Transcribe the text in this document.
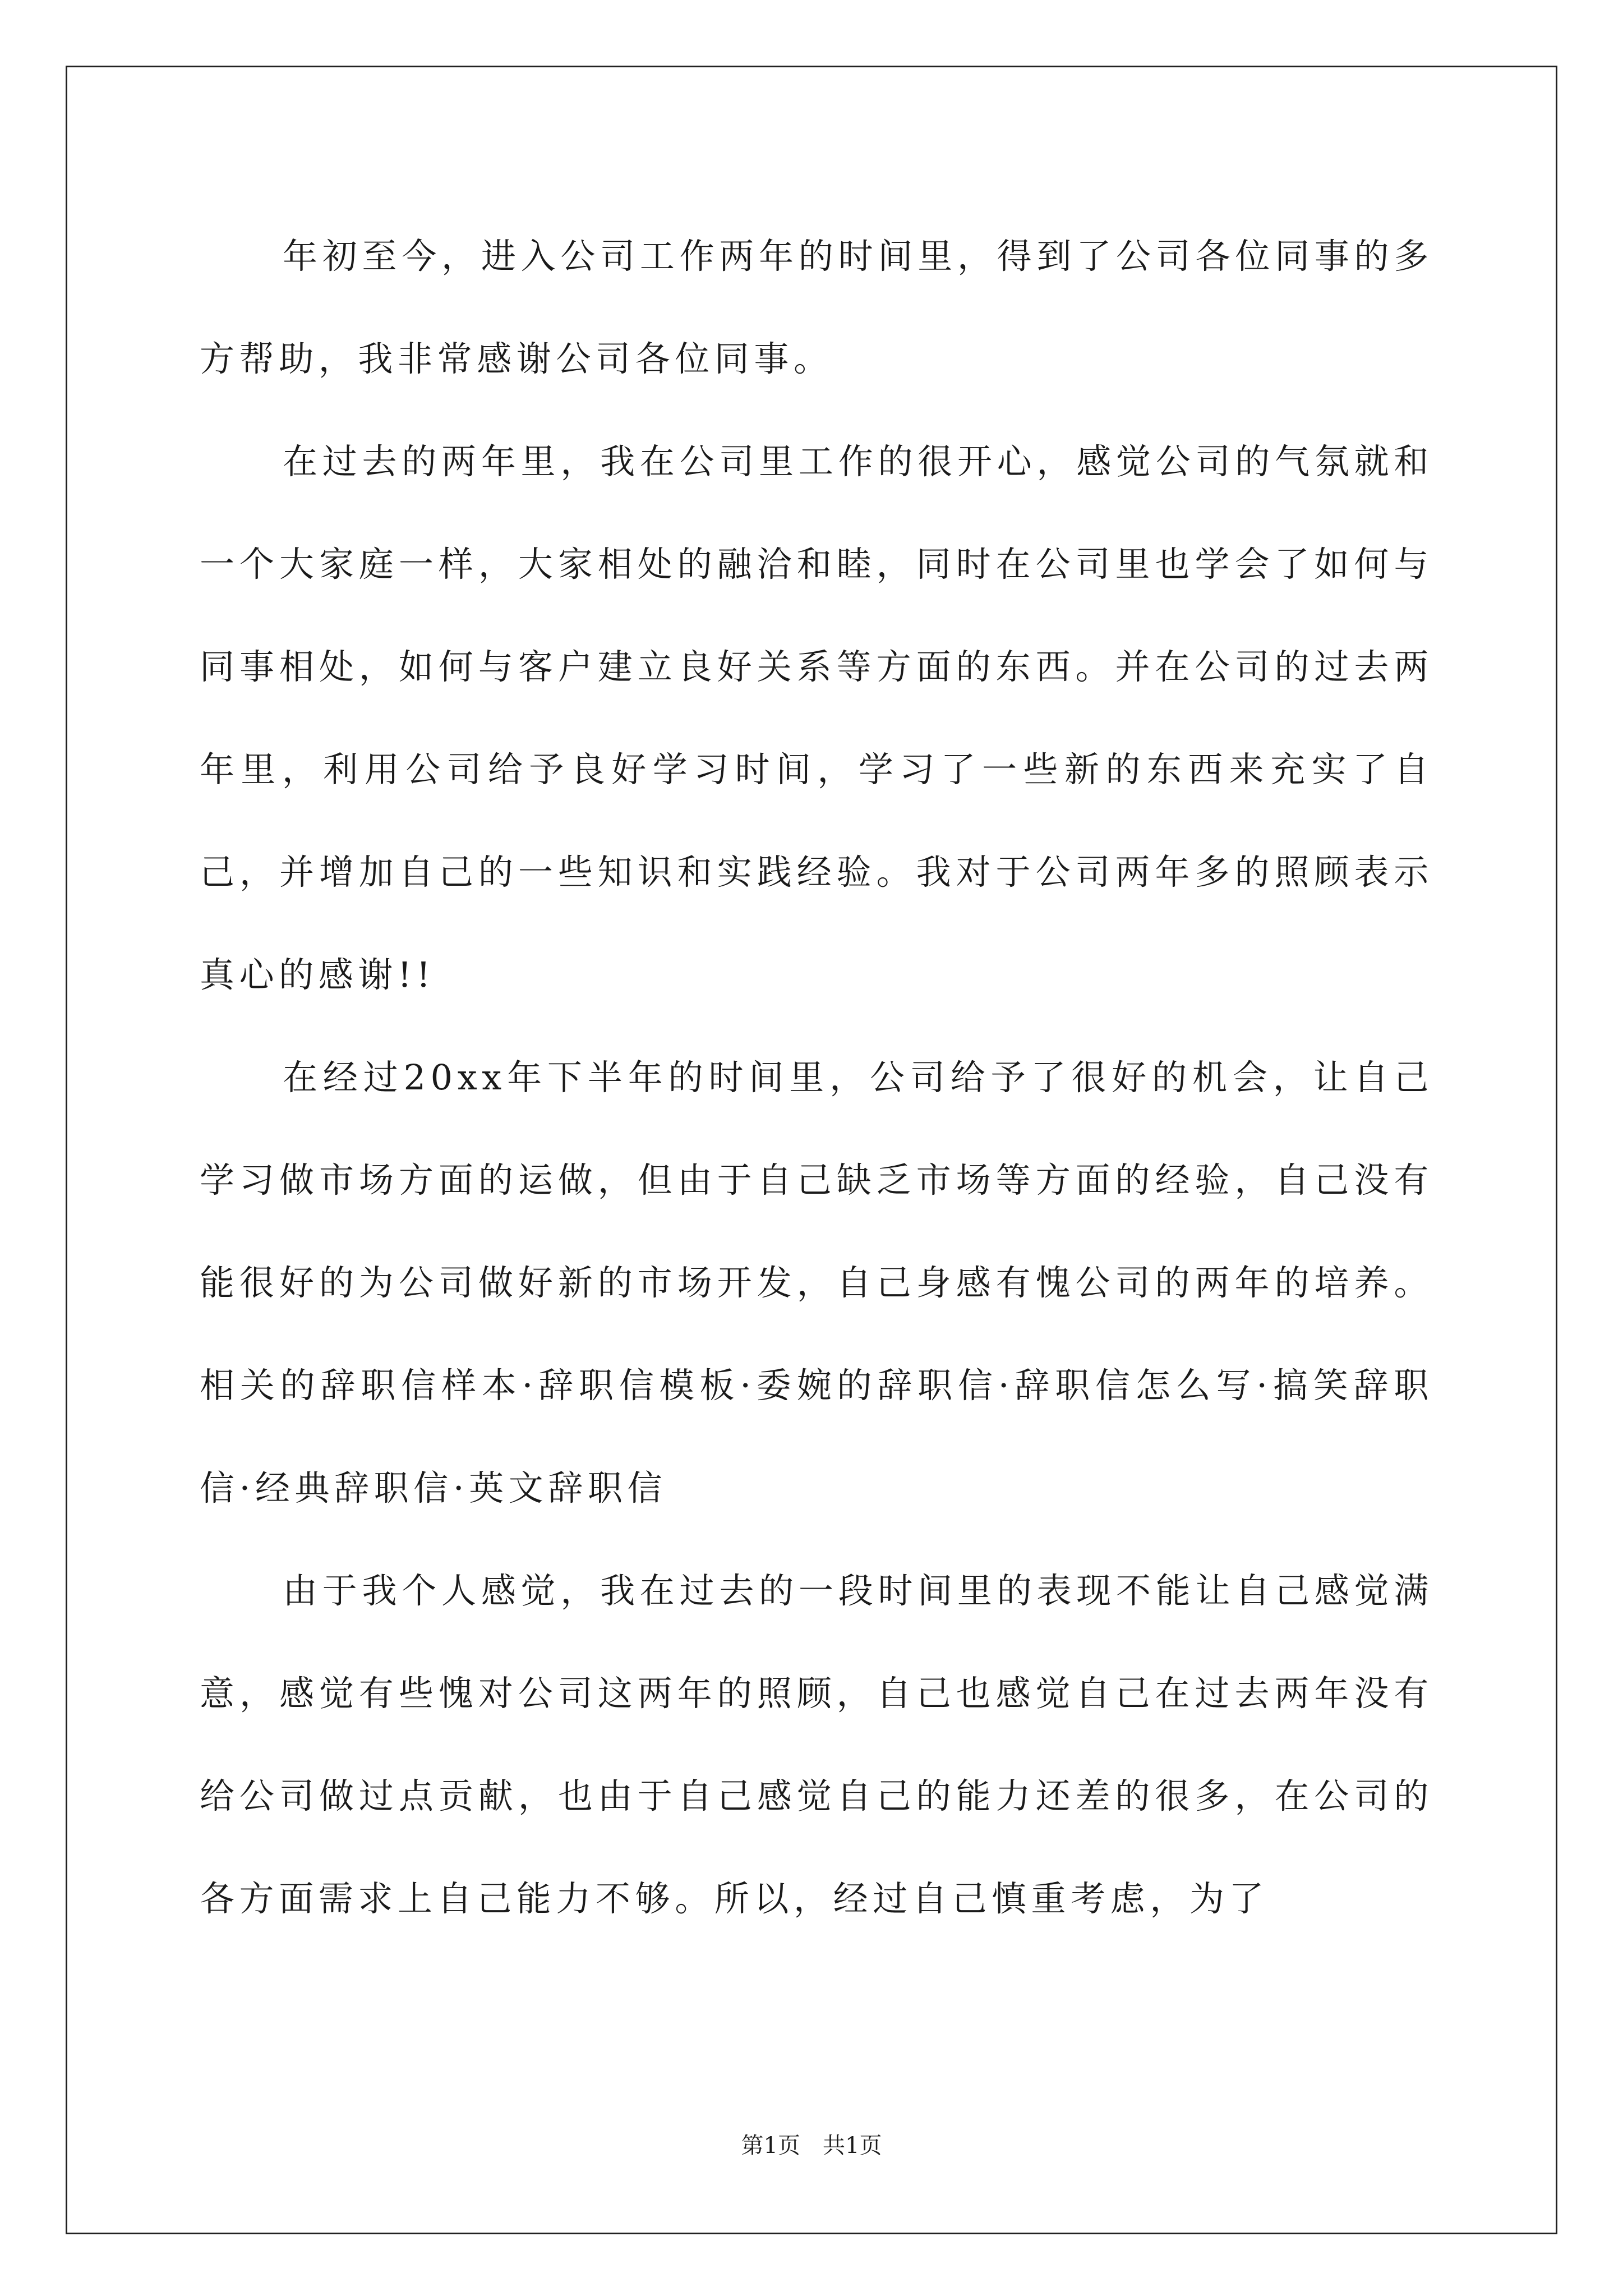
年初至今，进入公司工作两年的时间里，得到了公司各位同事的多方帮助，我非常感谢公司各位同事。

在过去的两年里，我在公司里工作的很开心，感觉公司的气氛就和一个大家庭一样，大家相处的融洽和睦，同时在公司里也学会了如何与同事相处，如何与客户建立良好关系等方面的东西。并在公司的过去两年里，利用公司给予良好学习时间，学习了一些新的东西来充实了自己，并增加自己的一些知识和实践经验。我对于公司两年多的照顾表示真心的感谢!!

在经过20xx年下半年的时间里，公司给予了很好的机会，让自己学习做市场方面的运做，但由于自己缺乏市场等方面的经验，自己没有能很好的为公司做好新的市场开发，自己身感有愧公司的两年的培养。 相关的辞职信样本·辞职信模板·委婉的辞职信·辞职信怎么写·搞笑辞职信·经典辞职信·英文辞职信

由于我个人感觉，我在过去的一段时间里的表现不能让自己感觉满意，感觉有些愧对公司这两年的照顾，自己也感觉自己在过去两年没有给公司做过点贡献，也由于自己感觉自己的能力还差的很多，在公司的各方面需求上自己能力不够。所以，经过自己慎重考虑，为了

第1页 共1页
